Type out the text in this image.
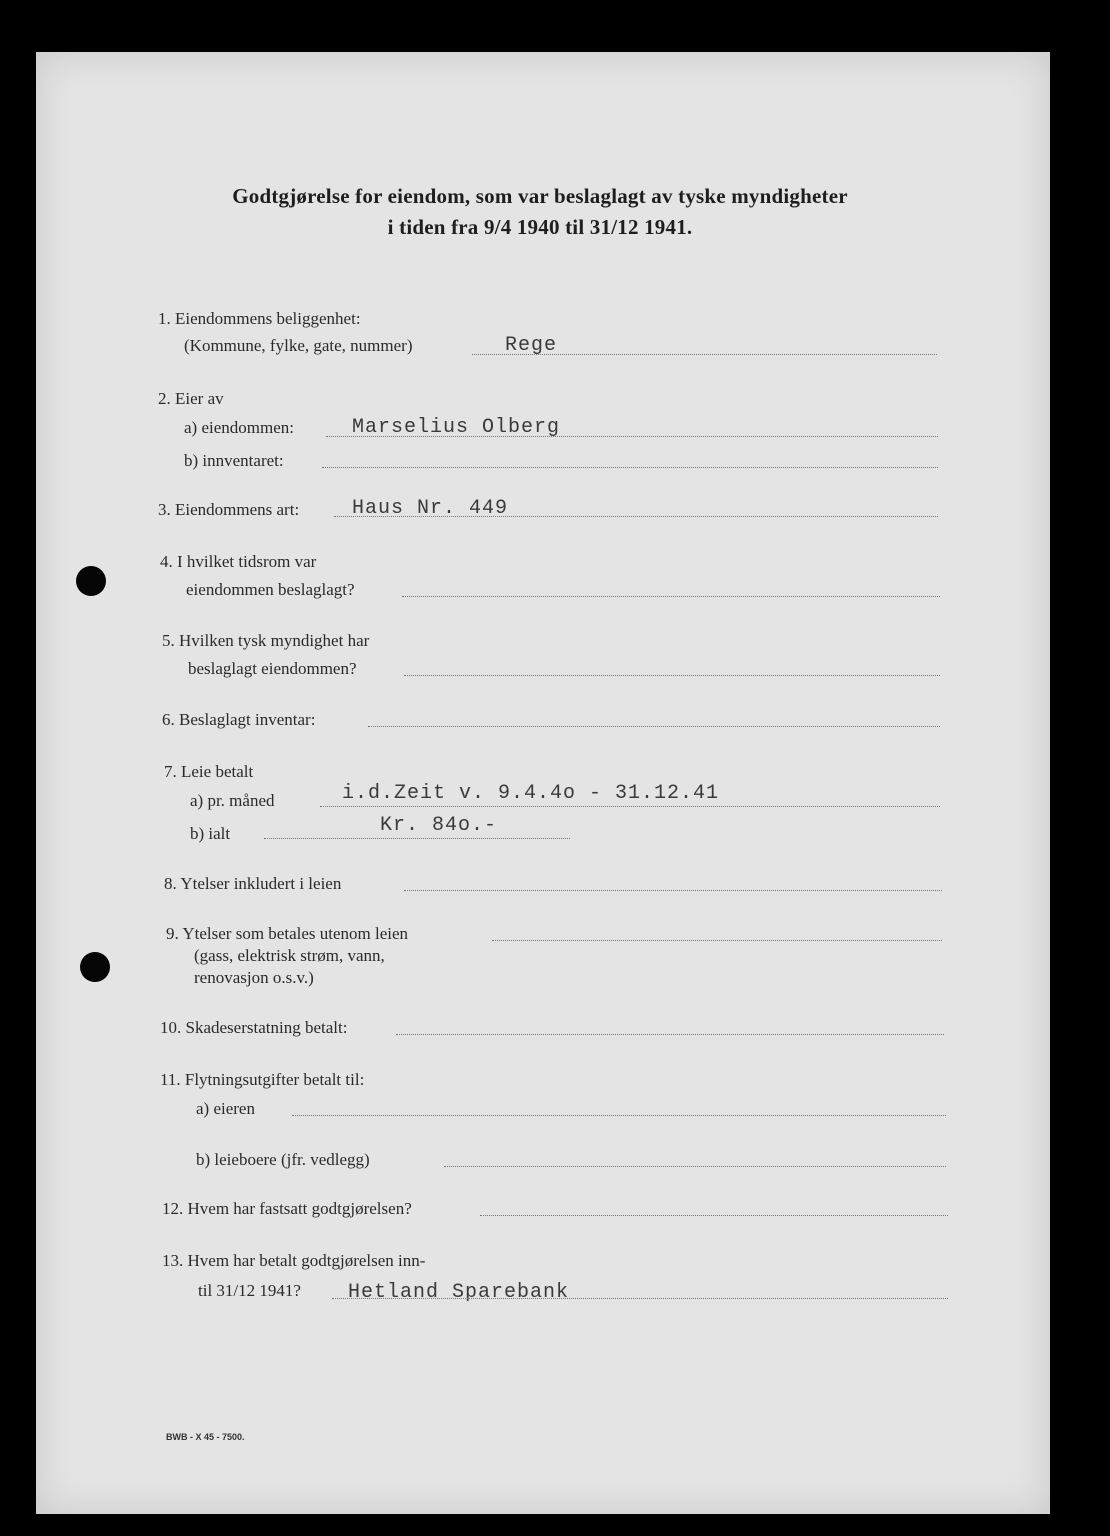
Godtgjørelse for eiendom, som var beslaglagt av tyske myndigheter
i tiden fra 9/4 1940 til 31/12 1941.
1. Eiendommens beliggenhet:
(Kommune, fylke, gate, nummer)	Rege
2. Eier av
a) eiendommen:	Marselius Olberg
b) innventaret:
3. Eiendommens art:	Haus Nr. 449
4. I hvilket tidsrom var
eiendommen beslaglagt?
5. Hvilken tysk myndighet har
beslaglagt eiendommen?
6. Beslaglagt inventar:
7. Leie betalt
a) pr. måned	i.d.Zeit v. 9.4.4o - 31.12.41
b) ialt	Kr. 84o.-
8. Ytelser inkludert i leien
9. Ytelser som betales utenom leien
(gass, elektrisk strøm, vann,
renovasjon o.s.v.)
10. Skadeserstatning betalt:
11. Flytningsutgifter betalt til:
a) eieren
b) leieboere (jfr. vedlegg)
12. Hvem har fastsatt godtgjørelsen?
13. Hvem har betalt godtgjørelsen inn-
til 31/12 1941? Hetland Sparebank
BWB - X 45 - 7500.
